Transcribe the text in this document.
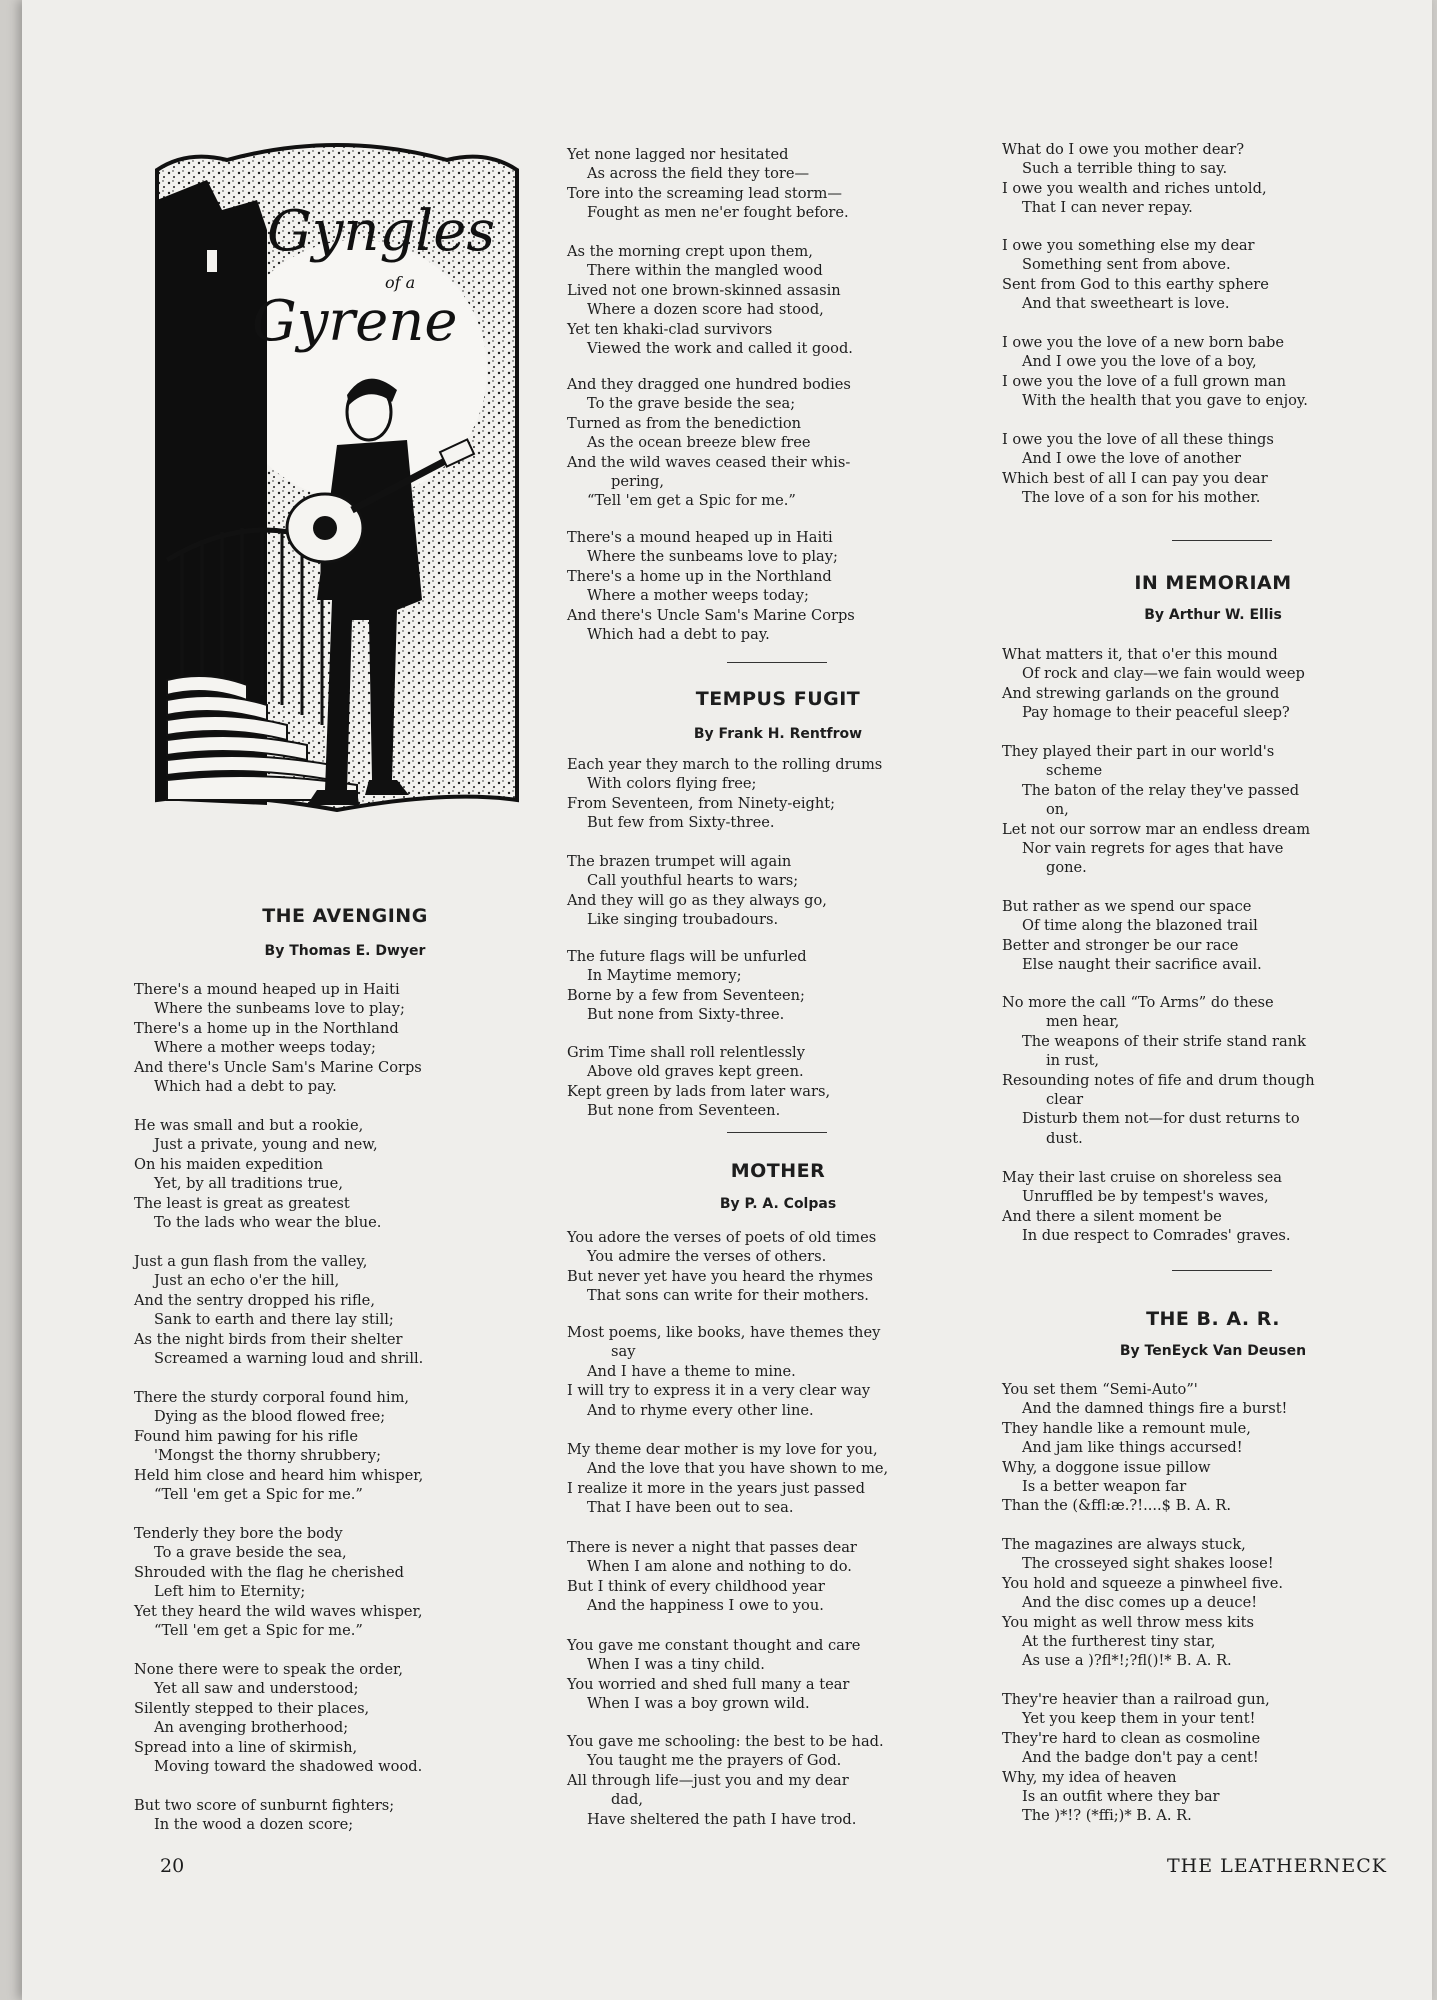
Gyngles
of a
Gyrene
THE AVENGING
By Thomas E. Dwyer
There's a mound heaped up in Haiti
Where the sunbeams love to play;
There's a home up in the Northland
Where a mother weeps today;
And there's Uncle Sam's Marine Corps
Which had a debt to pay.
He was small and but a rookie,
Just a private, young and new,
On his maiden expedition
Yet, by all traditions true,
The least is great as greatest
To the lads who wear the blue.
Just a gun flash from the valley,
Just an echo o'er the hill,
And the sentry dropped his rifle,
Sank to earth and there lay still;
As the night birds from their shelter
Screamed a warning loud and shrill.
There the sturdy corporal found him,
Dying as the blood flowed free;
Found him pawing for his rifle
'Mongst the thorny shrubbery;
Held him close and heard him whisper,
“Tell 'em get a Spic for me.”
Tenderly they bore the body
To a grave beside the sea,
Shrouded with the flag he cherished
Left him to Eternity;
Yet they heard the wild waves whisper,
“Tell 'em get a Spic for me.”
None there were to speak the order,
Yet all saw and understood;
Silently stepped to their places,
An avenging brotherhood;
Spread into a line of skirmish,
Moving toward the shadowed wood.
But two score of sunburnt fighters;
In the wood a dozen score;
Yet none lagged nor hesitated
As across the field they tore—
Tore into the screaming lead storm—
Fought as men ne'er fought before.
As the morning crept upon them,
There within the mangled wood
Lived not one brown-skinned assasin
Where a dozen score had stood,
Yet ten khaki-clad survivors
Viewed the work and called it good.
And they dragged one hundred bodies
To the grave beside the sea;
Turned as from the benediction
As the ocean breeze blew free
And the wild waves ceased their whis-
pering,
“Tell 'em get a Spic for me.”
There's a mound heaped up in Haiti
Where the sunbeams love to play;
There's a home up in the Northland
Where a mother weeps today;
And there's Uncle Sam's Marine Corps
Which had a debt to pay.
TEMPUS FUGIT
By Frank H. Rentfrow
Each year they march to the rolling drums
With colors flying free;
From Seventeen, from Ninety-eight;
But few from Sixty-three.
The brazen trumpet will again
Call youthful hearts to wars;
And they will go as they always go,
Like singing troubadours.
The future flags will be unfurled
In Maytime memory;
Borne by a few from Seventeen;
But none from Sixty-three.
Grim Time shall roll relentlessly
Above old graves kept green.
Kept green by lads from later wars,
But none from Seventeen.
MOTHER
By P. A. Colpas
You adore the verses of poets of old times
You admire the verses of others.
But never yet have you heard the rhymes
That sons can write for their mothers.
Most poems, like books, have themes they
say
And I have a theme to mine.
I will try to express it in a very clear way
And to rhyme every other line.
My theme dear mother is my love for you,
And the love that you have shown to me,
I realize it more in the years just passed
That I have been out to sea.
There is never a night that passes dear
When I am alone and nothing to do.
But I think of every childhood year
And the happiness I owe to you.
You gave me constant thought and care
When I was a tiny child.
You worried and shed full many a tear
When I was a boy grown wild.
You gave me schooling: the best to be had.
You taught me the prayers of God.
All through life—just you and my dear
dad,
Have sheltered the path I have trod.
What do I owe you mother dear?
Such a terrible thing to say.
I owe you wealth and riches untold,
That I can never repay.
I owe you something else my dear
Something sent from above.
Sent from God to this earthy sphere
And that sweetheart is love.
I owe you the love of a new born babe
And I owe you the love of a boy,
I owe you the love of a full grown man
With the health that you gave to enjoy.
I owe you the love of all these things
And I owe the love of another
Which best of all I can pay you dear
The love of a son for his mother.
IN MEMORIAM
By Arthur W. Ellis
What matters it, that o'er this mound
Of rock and clay—we fain would weep
And strewing garlands on the ground
Pay homage to their peaceful sleep?
They played their part in our world's
scheme
The baton of the relay they've passed
on,
Let not our sorrow mar an endless dream
Nor vain regrets for ages that have
gone.
But rather as we spend our space
Of time along the blazoned trail
Better and stronger be our race
Else naught their sacrifice avail.
No more the call “To Arms” do these
men hear,
The weapons of their strife stand rank
in rust,
Resounding notes of fife and drum though
clear
Disturb them not—for dust returns to
dust.
May their last cruise on shoreless sea
Unruffled be by tempest's waves,
And there a silent moment be
In due respect to Comrades' graves.
THE B. A. R.
By TenEyck Van Deusen
You set them “Semi-Auto”'
And the damned things fire a burst!
They handle like a remount mule,
And jam like things accursed!
Why, a doggone issue pillow
Is a better weapon far
Than the (&ffl:æ.?!....$ B. A. R.
The magazines are always stuck,
The crosseyed sight shakes loose!
You hold and squeeze a pinwheel five.
And the disc comes up a deuce!
You might as well throw mess kits
At the furtherest tiny star,
As use a )?fl*!;?fl()!* B. A. R.
They're heavier than a railroad gun,
Yet you keep them in your tent!
They're hard to clean as cosmoline
And the badge don't pay a cent!
Why, my idea of heaven
Is an outfit where they bar
The )*!? (*ffi;)* B. A. R.
20	THE LEATHERNECK
